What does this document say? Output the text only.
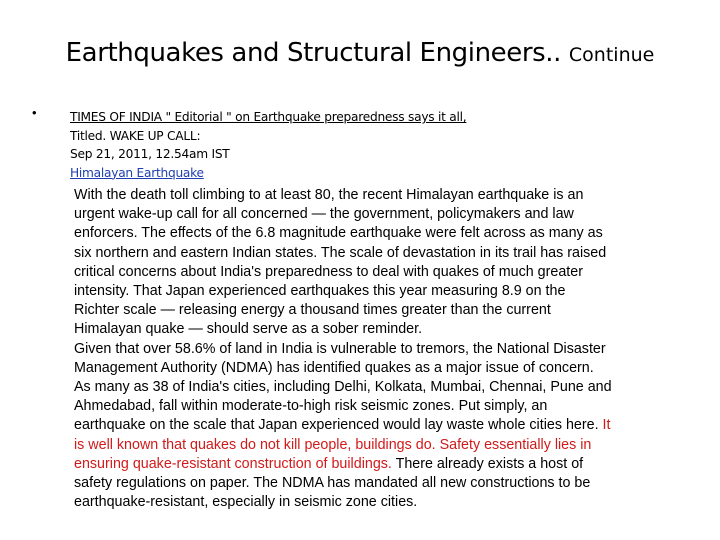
Earthquakes and Structural Engineers.. Continue
•	TIMES OF INDIA " Editorial " on Earthquake preparedness says it all,
Titled. WAKE UP CALL:
Sep 21, 2011, 12.54am IST
Himalayan Earthquake
With the death toll climbing to at least 80, the recent Himalayan earthquake is an
urgent wake-up call for all concerned — the government, policymakers and law
enforcers. The effects of the 6.8 magnitude earthquake were felt across as many as
six northern and eastern Indian states. The scale of devastation in its trail has raised
critical concerns about India's preparedness to deal with quakes of much greater
intensity. That Japan experienced earthquakes this year measuring 8.9 on the
Richter scale — releasing energy a thousand times greater than the current
Himalayan quake — should serve as a sober reminder.
Given that over 58.6% of land in India is vulnerable to tremors, the National Disaster
Management Authority (NDMA) has identified quakes as a major issue of concern.
As many as 38 of India's cities, including Delhi, Kolkata, Mumbai, Chennai, Pune and
Ahmedabad, fall within moderate-to-high risk seismic zones. Put simply, an
earthquake on the scale that Japan experienced would lay waste whole cities here. It
is well known that quakes do not kill people, buildings do. Safety essentially lies in
ensuring quake-resistant construction of buildings. There already exists a host of
safety regulations on paper. The NDMA has mandated all new constructions to be
earthquake-resistant, especially in seismic zone cities.
